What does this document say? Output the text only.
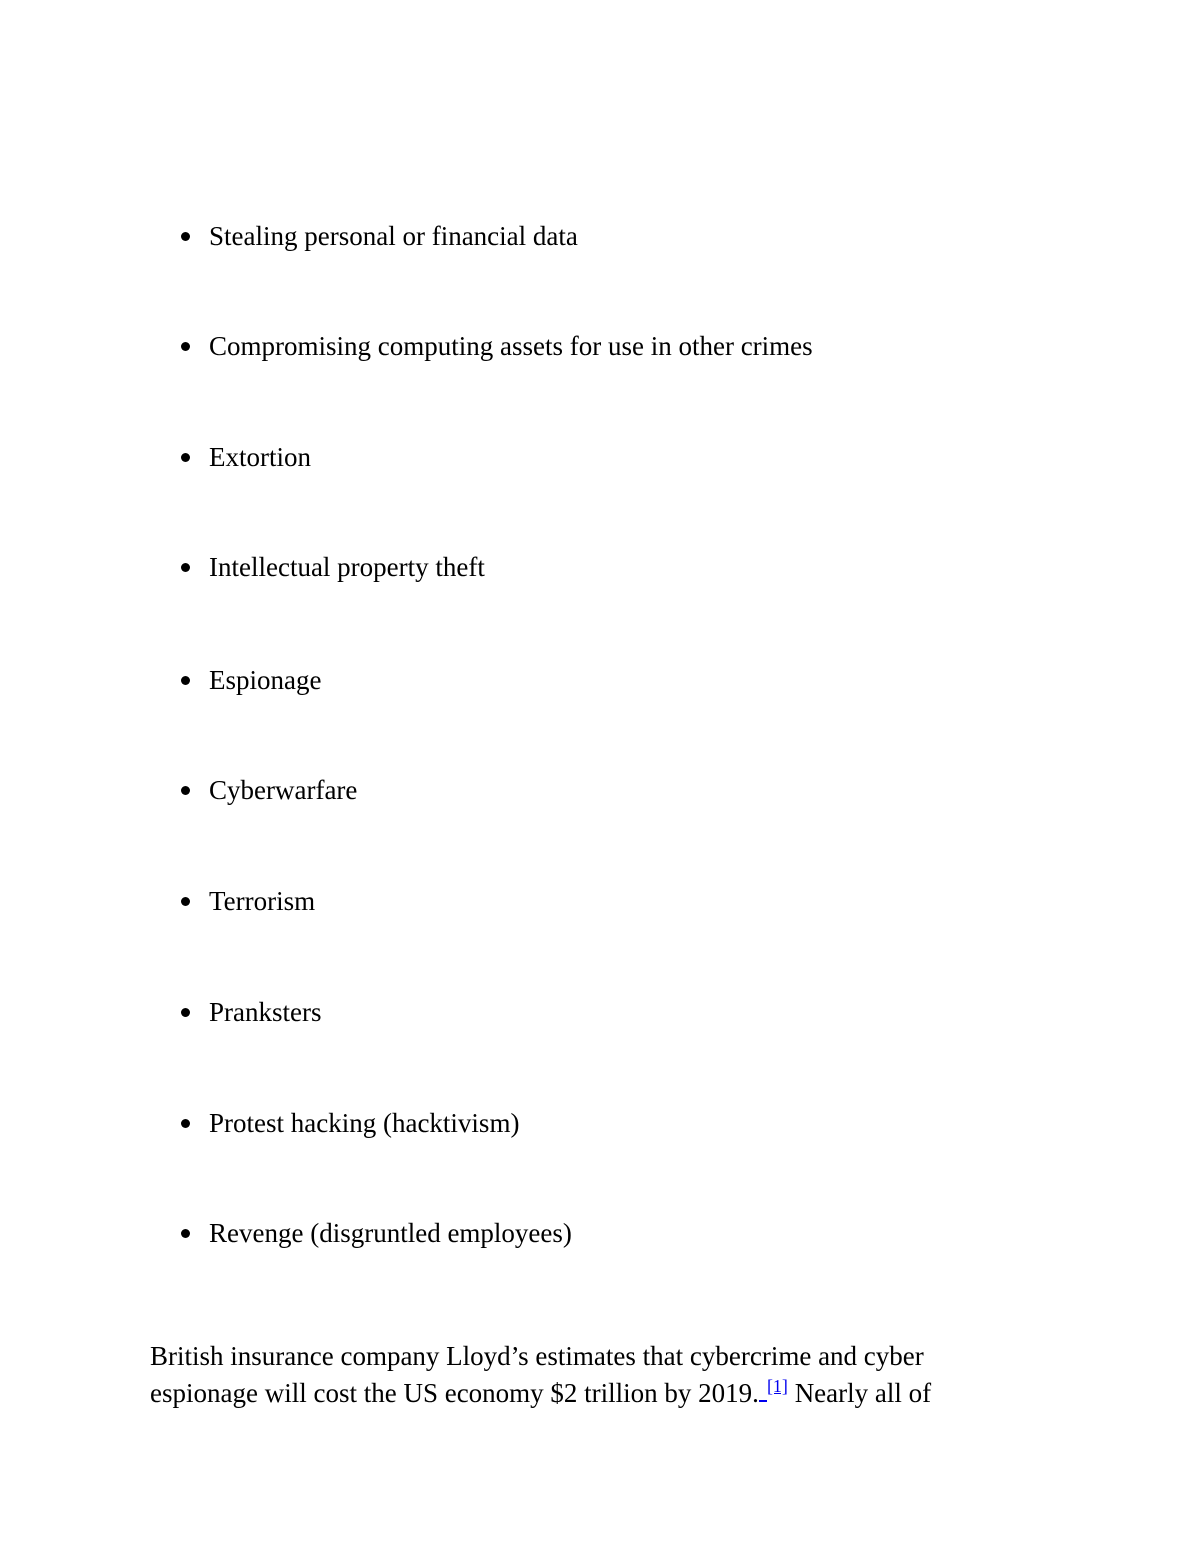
Stealing personal or financial data
Compromising computing assets for use in other crimes
Extortion
Intellectual property theft
Espionage
Cyberwarfare
Terrorism
Pranksters
Protest hacking (hacktivism)
Revenge (disgruntled employees)

British insurance company Lloyd’s estimates that cybercrime and cyber
espionage will cost the US economy $2 trillion by 2019. [1] Nearly all of
